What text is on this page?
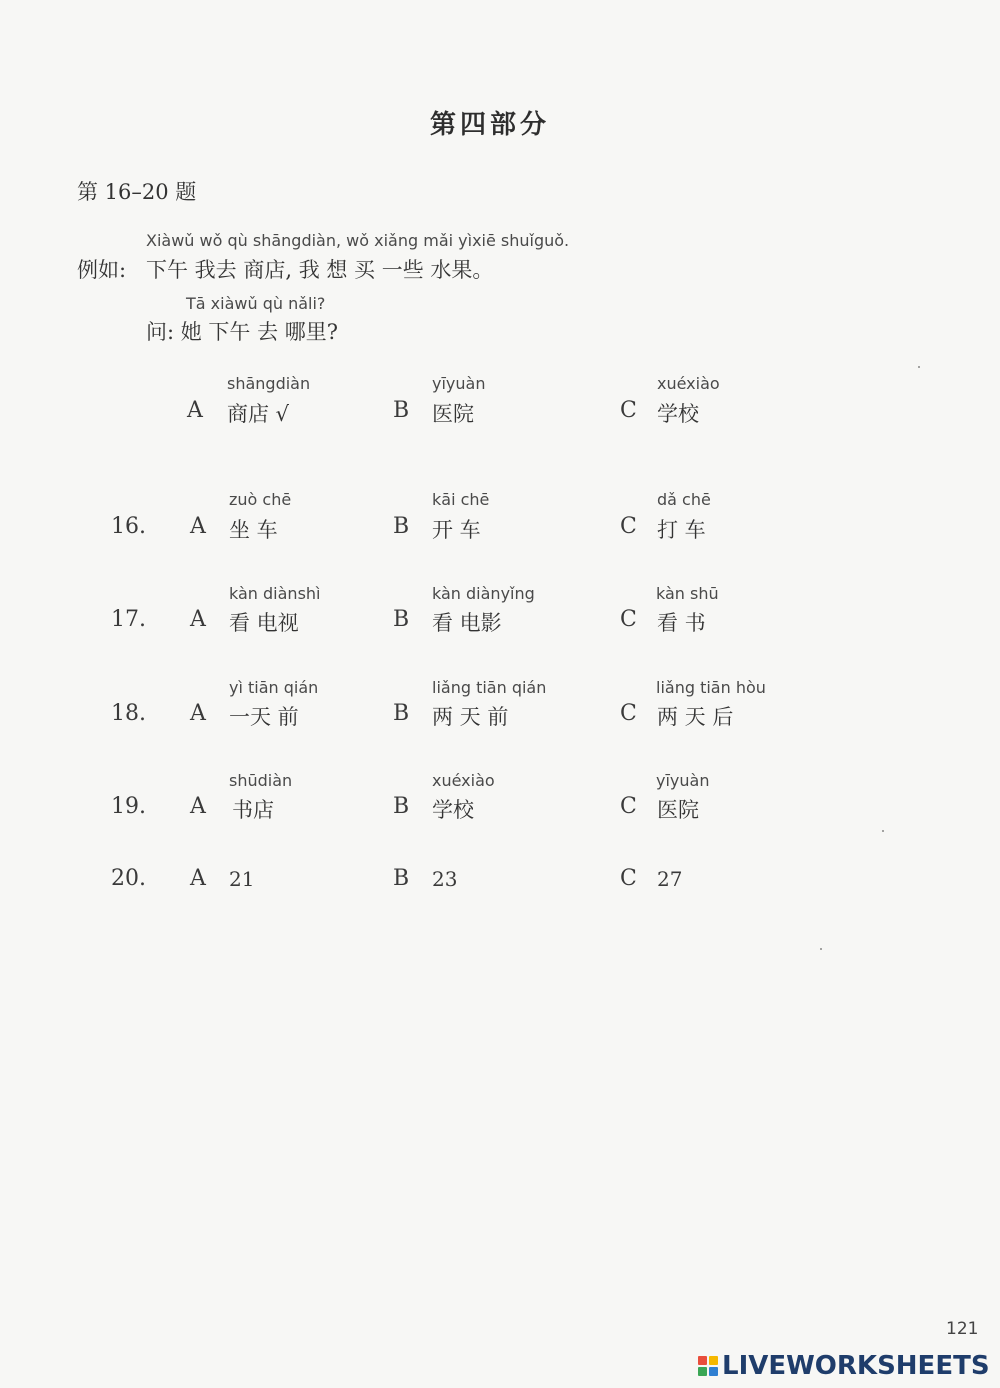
第四部分
第 16–20 题
Xiàwǔ wǒ qù shāngdiàn, wǒ xiǎng mǎi yìxiē shuǐguǒ.
例如: 下午 我去 商店, 我 想 买 一些 水果。
Tā xiàwǔ qù nǎli?
问: 她 下午 去 哪里?
A
shāngdiàn
商店 √	B
yīyuàn
医院	C
xuéxiào
学校
16. A
zuò chē
坐 车	B
kāi chē
开 车	C
dǎ chē
打 车
17. A
kàn diànshì
看 电视	B
kàn diànyǐng
看 电影	C
kàn shū
看 书
18. A
yì tiān qián
一天 前	B
liǎng tiān qián
两 天 前	C
liǎng tiān hòu
两 天 后
19. A
shūdiàn
书店	B
xuéxiào
学校	C
yīyuàn
医院
20. A 21	B 23	C 27
121
LIVEWORKSHEETS
